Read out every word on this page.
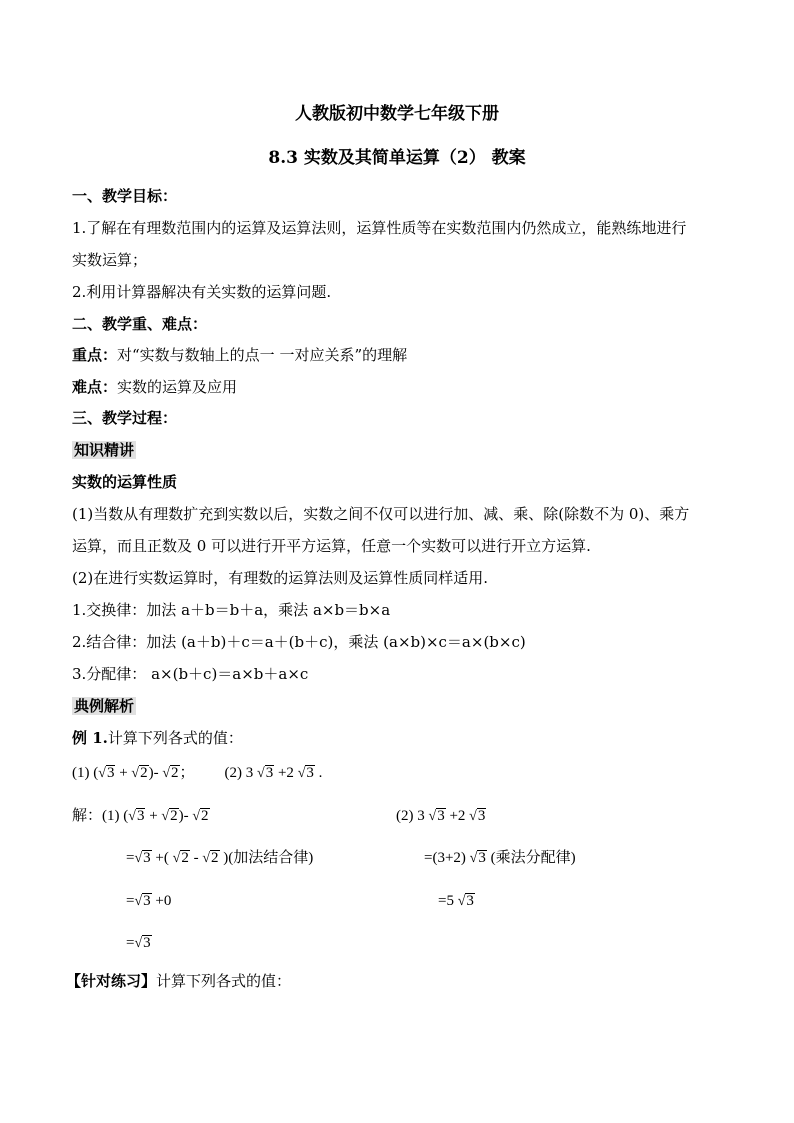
人教版初中数学七年级下册
8.3 实数及其简单运算（2） 教案
一、教学目标：
1.了解在有理数范围内的运算及运算法则，运算性质等在实数范围内仍然成立，能熟练地进行
实数运算；
2.利用计算器解决有关实数的运算问题.
二、教学重、难点：
重点：对“实数与数轴上的点一 一对应关系”的理解
难点：实数的运算及应用
三、教学过程：
知识精讲
实数的运算性质
(1)当数从有理数扩充到实数以后，实数之间不仅可以进行加、减、乘、除(除数不为 0)、乘方
运算，而且正数及 0 可以进行开平方运算，任意一个实数可以进行开立方运算.
(2)在进行实数运算时，有理数的运算法则及运算性质同样适用.
1.交换律：加法 a＋b＝b＋a，乘法 a×b＝b×a
2.结合律：加法 (a＋b)＋c＝a＋(b＋c)，乘法 (a×b)×c＝a×(b×c)
3.分配律： a×(b＋c)＝a×b＋a×c
典例解析
例 1.计算下列各式的值：
(1) (√3 + √2)- √2；        (2) 3 √3 +2 √3 .
解：(1) (√3 + √2)- √2	(2) 3 √3 +2 √3
=√3 +( √2 - √2 )(加法结合律)	=(3+2) √3 (乘法分配律)
=√3 +0	=5 √3
=√3
【针对练习】计算下列各式的值：
